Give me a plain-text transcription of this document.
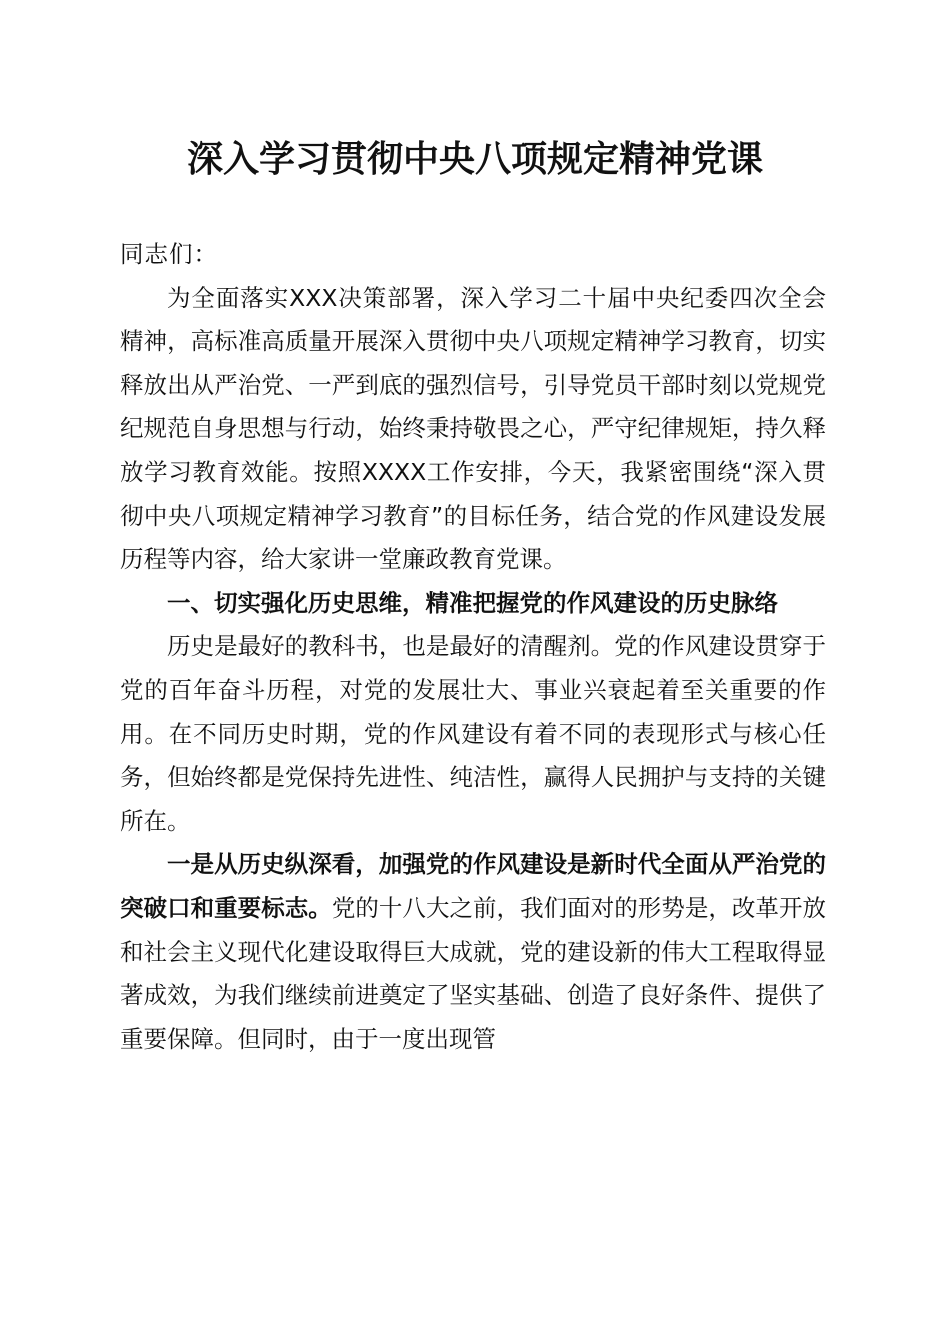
深入学习贯彻中央八项规定精神党课

同志们：

为全面落实XXX决策部署，深入学习二十届中央纪委四次全会精神，高标准高质量开展深入贯彻中央八项规定精神学习教育，切实释放出从严治党、一严到底的强烈信号，引导党员干部时刻以党规党纪规范自身思想与行动，始终秉持敬畏之心，严守纪律规矩，持久释放学习教育效能。按照XXXX工作安排，今天，我紧密围绕“深入贯彻中央八项规定精神学习教育”的目标任务，结合党的作风建设发展历程等内容，给大家讲一堂廉政教育党课。

一、切实强化历史思维，精准把握党的作风建设的历史脉络

历史是最好的教科书，也是最好的清醒剂。党的作风建设贯穿于党的百年奋斗历程，对党的发展壮大、事业兴衰起着至关重要的作用。在不同历史时期，党的作风建设有着不同的表现形式与核心任务，但始终都是党保持先进性、纯洁性，赢得人民拥护与支持的关键所在。

一是从历史纵深看，加强党的作风建设是新时代全面从严治党的突破口和重要标志。党的十八大之前，我们面对的形势是，改革开放和社会主义现代化建设取得巨大成就，党的建设新的伟大工程取得显著成效，为我们继续前进奠定了坚实基础、创造了良好条件、提供了重要保障。但同时，由于一度出现管
